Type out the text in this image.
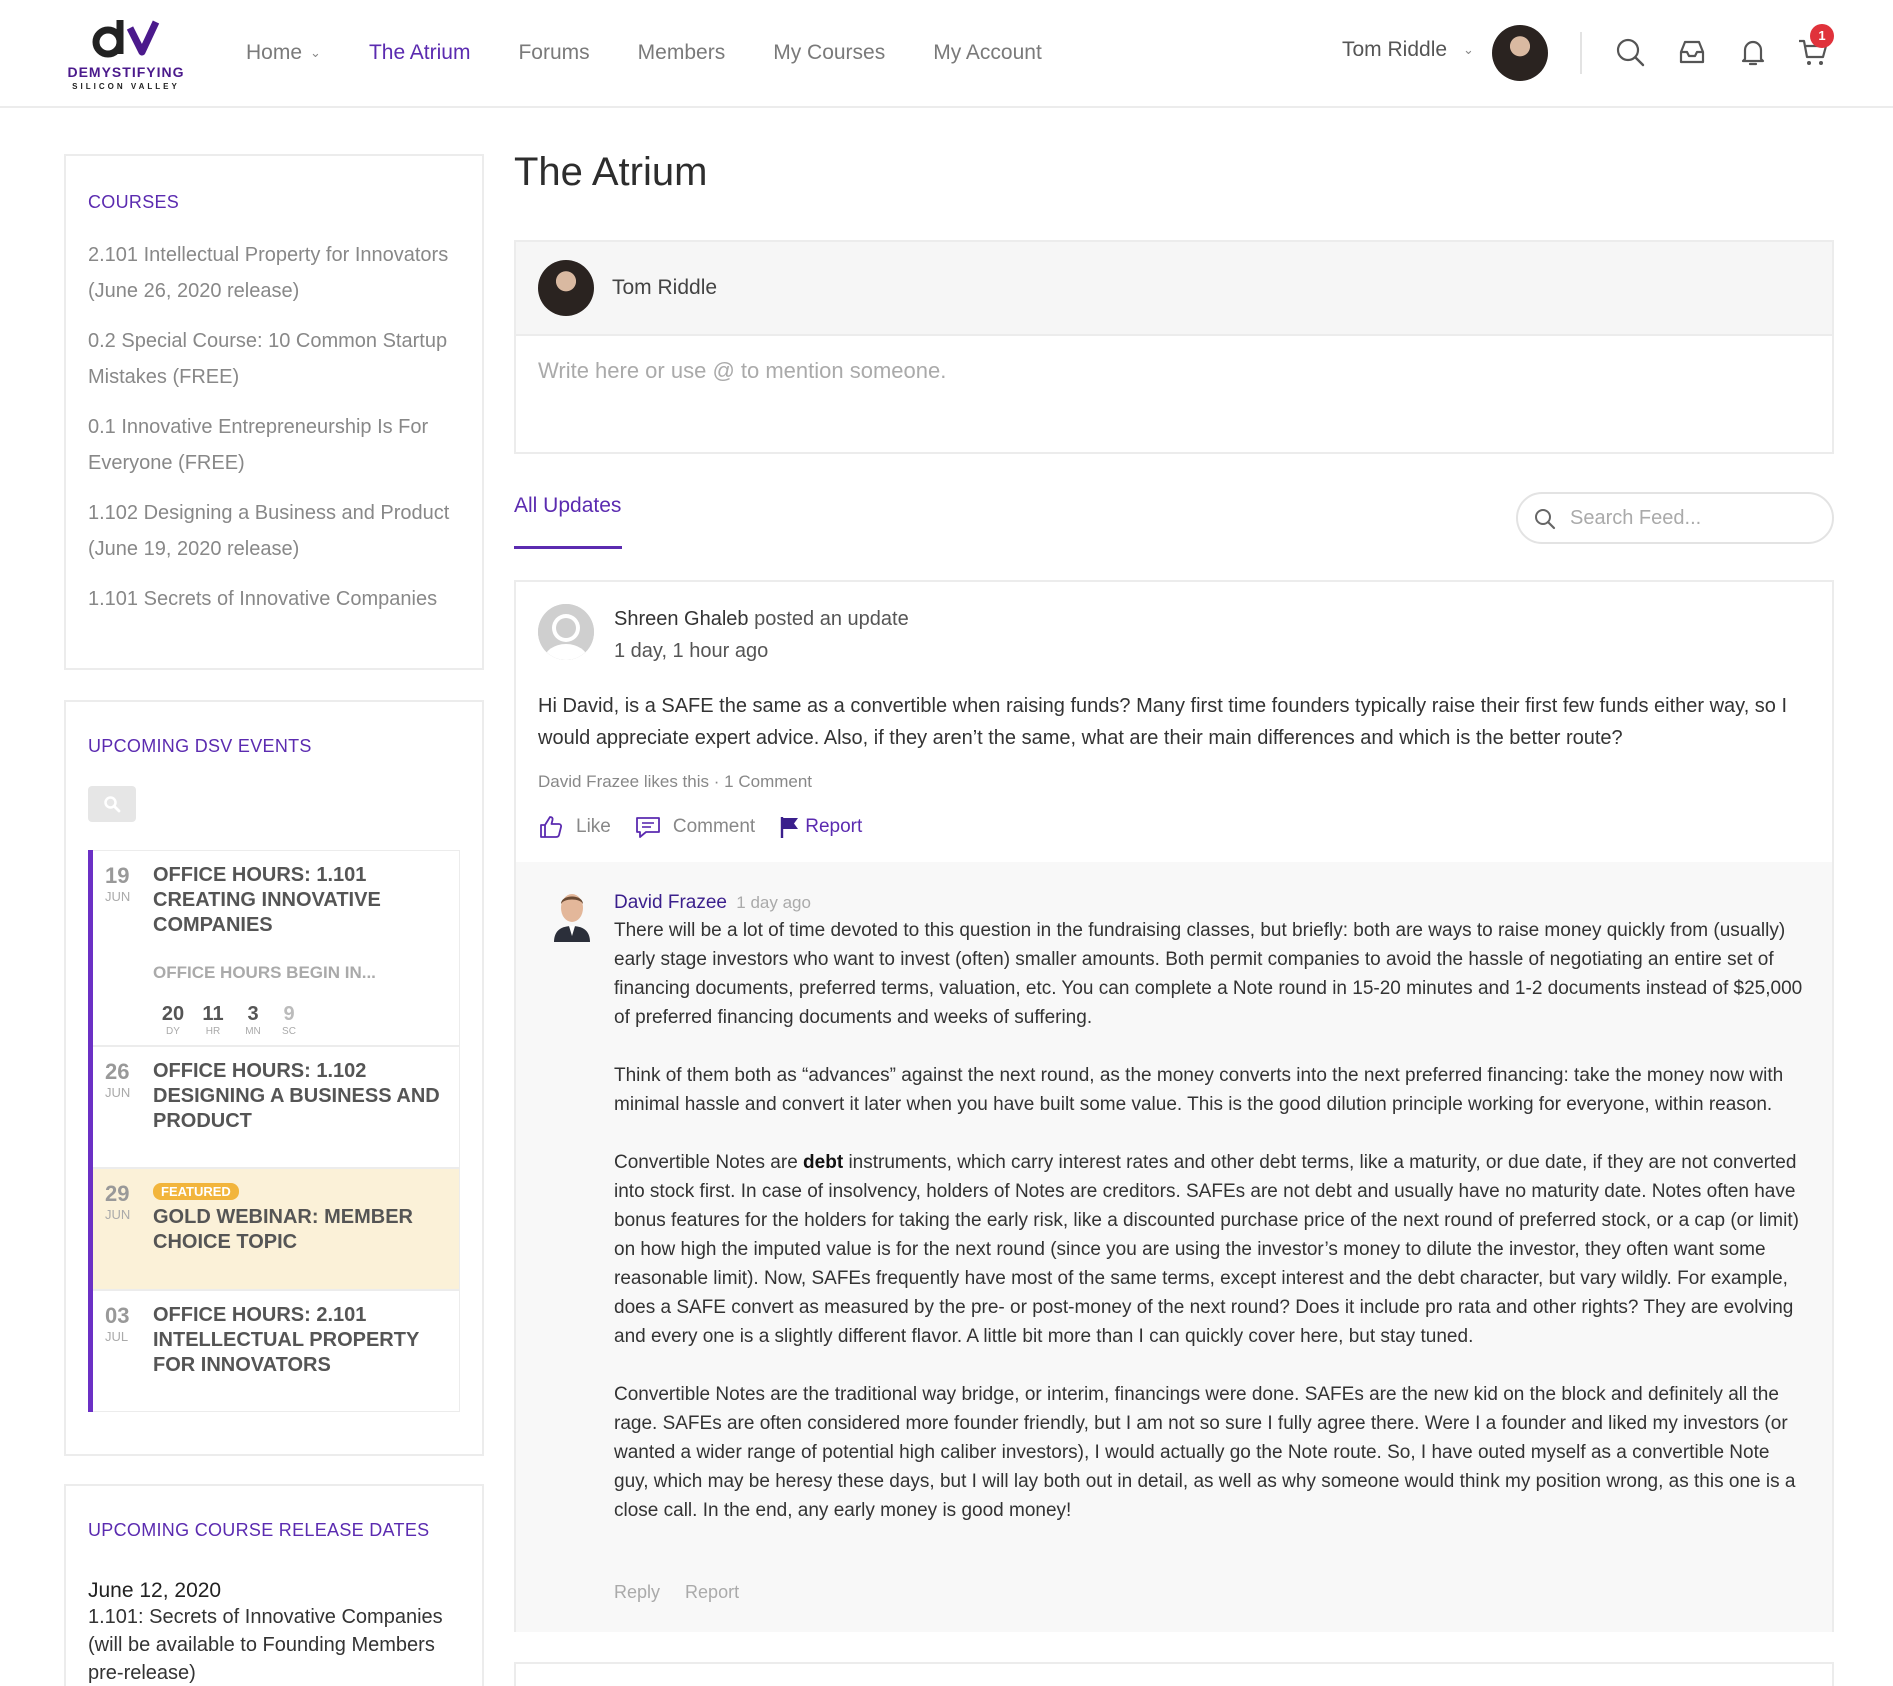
DEMYSTIFYING
SILICON VALLEY
Home ⌄ The Atrium Forums Members My Courses My Account	Tom Riddle ⌄
1
COURSES
2.101 Intellectual Property for Innovators (June 26, 2020 release)
0.2 Special Course: 10 Common Startup Mistakes (FREE)
0.1 Innovative Entrepreneurship Is For Everyone (FREE)
1.102 Designing a Business and Product (June 19, 2020 release)
1.101 Secrets of Innovative Companies
UPCOMING DSV EVENTS
19
JUN
OFFICE HOURS: 1.101 CREATING INNOVATIVE COMPANIES
OFFICE HOURS BEGIN IN...
20
DY
11
HR
3
MN
9
SC
26
JUN
OFFICE HOURS: 1.102 DESIGNING A BUSINESS AND PRODUCT
29
JUN
FEATURED
GOLD WEBINAR: MEMBER CHOICE TOPIC
03
JUL
OFFICE HOURS: 2.101 INTELLECTUAL PROPERTY FOR INNOVATORS
UPCOMING COURSE RELEASE DATES
June 12, 2020
1.101: Secrets of Innovative Companies (will be available to Founding Members pre-release)
The Atrium
Tom Riddle
Write here or use @ to mention someone.
All Updates
Search Feed...
Shreen Ghaleb posted an update
1 day, 1 hour ago
Hi David, is a SAFE the same as a convertible when raising funds? Many first time founders typically raise their first few funds either way, so I would appreciate expert advice. Also, if they aren’t the same, what are their main differences and which is the better route?
David Frazee likes this · 1 Comment
Like	Comment	Report
David Frazee 1 day ago

There will be a lot of time devoted to this question in the fundraising classes, but briefly: both are ways to raise money quickly from (usually) early stage investors who want to invest (often) smaller amounts. Both permit companies to avoid the hassle of negotiating an entire set of financing documents, preferred terms, valuation, etc. You can complete a Note round in 15-20 minutes and 1-2 documents instead of $25,000 of preferred financing documents and weeks of suffering.

Think of them both as “advances” against the next round, as the money converts into the next preferred financing: take the money now with minimal hassle and convert it later when you have built some value. This is the good dilution principle working for everyone, within reason.

Convertible Notes are debt instruments, which carry interest rates and other debt terms, like a maturity, or due date, if they are not converted into stock first. In case of insolvency, holders of Notes are creditors. SAFEs are not debt and usually have no maturity date. Notes often have bonus features for the holders for taking the early risk, like a discounted purchase price of the next round of preferred stock, or a cap (or limit) on how high the imputed value is for the next round (since you are using the investor’s money to dilute the investor, they often want some reasonable limit). Now, SAFEs frequently have most of the same terms, except interest and the debt character, but vary wildly. For example, does a SAFE convert as measured by the pre- or post-money of the next round? Does it include pro rata and other rights? They are evolving and every one is a slightly different flavor. A little bit more than I can quickly cover here, but stay tuned.

Convertible Notes are the traditional way bridge, or interim, financings were done. SAFEs are the new kid on the block and definitely all the rage. SAFEs are often considered more founder friendly, but I am not so sure I fully agree there. Were I a founder and liked my investors (or wanted a wider range of potential high caliber investors), I would actually go the Note route. So, I have outed myself as a convertible Note guy, which may be heresy these days, but I will lay both out in detail, as well as why someone would think my position wrong, as this one is a close call. In the end, any early money is good money!

Reply Report
